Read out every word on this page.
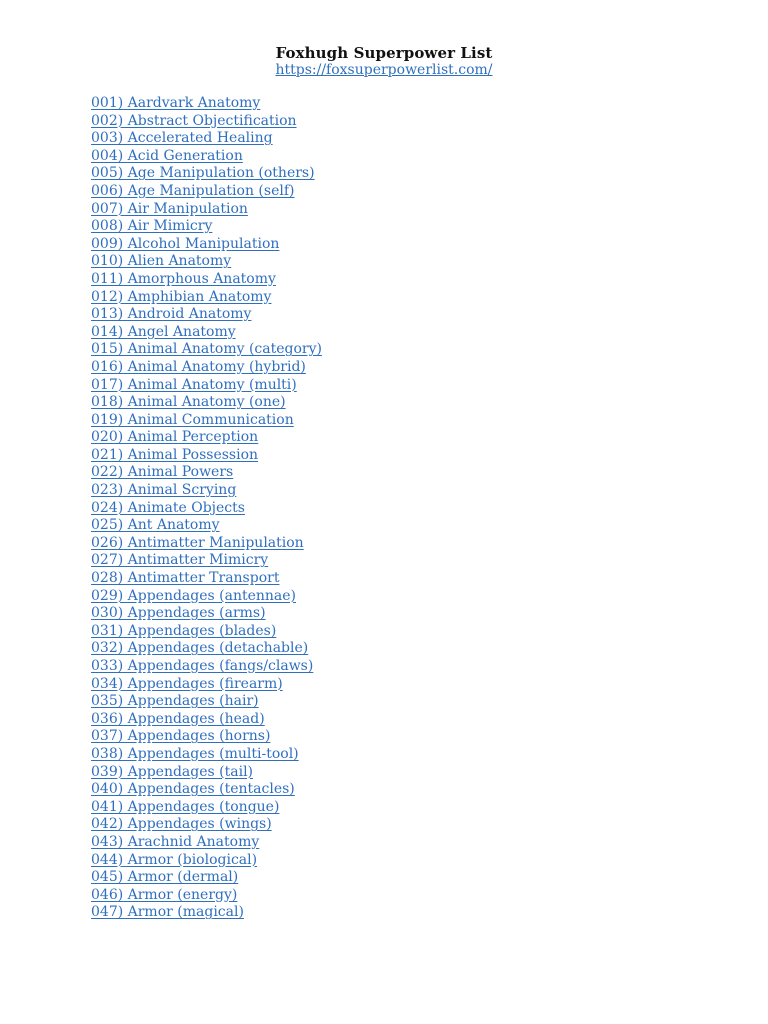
Foxhugh Superpower List
https://foxsuperpowerlist.com/
001) Aardvark Anatomy
002) Abstract Objectification
003) Accelerated Healing
004) Acid Generation
005) Age Manipulation (others)
006) Age Manipulation (self)
007) Air Manipulation
008) Air Mimicry
009) Alcohol Manipulation
010) Alien Anatomy
011) Amorphous Anatomy
012) Amphibian Anatomy
013) Android Anatomy
014) Angel Anatomy
015) Animal Anatomy (category)
016) Animal Anatomy (hybrid)
017) Animal Anatomy (multi)
018) Animal Anatomy (one)
019) Animal Communication
020) Animal Perception
021) Animal Possession
022) Animal Powers
023) Animal Scrying
024) Animate Objects
025) Ant Anatomy
026) Antimatter Manipulation
027) Antimatter Mimicry
028) Antimatter Transport
029) Appendages (antennae)
030) Appendages (arms)
031) Appendages (blades)
032) Appendages (detachable)
033) Appendages (fangs/claws)
034) Appendages (firearm)
035) Appendages (hair)
036) Appendages (head)
037) Appendages (horns)
038) Appendages (multi-tool)
039) Appendages (tail)
040) Appendages (tentacles)
041) Appendages (tongue)
042) Appendages (wings)
043) Arachnid Anatomy
044) Armor (biological)
045) Armor (dermal)
046) Armor (energy)
047) Armor (magical)
